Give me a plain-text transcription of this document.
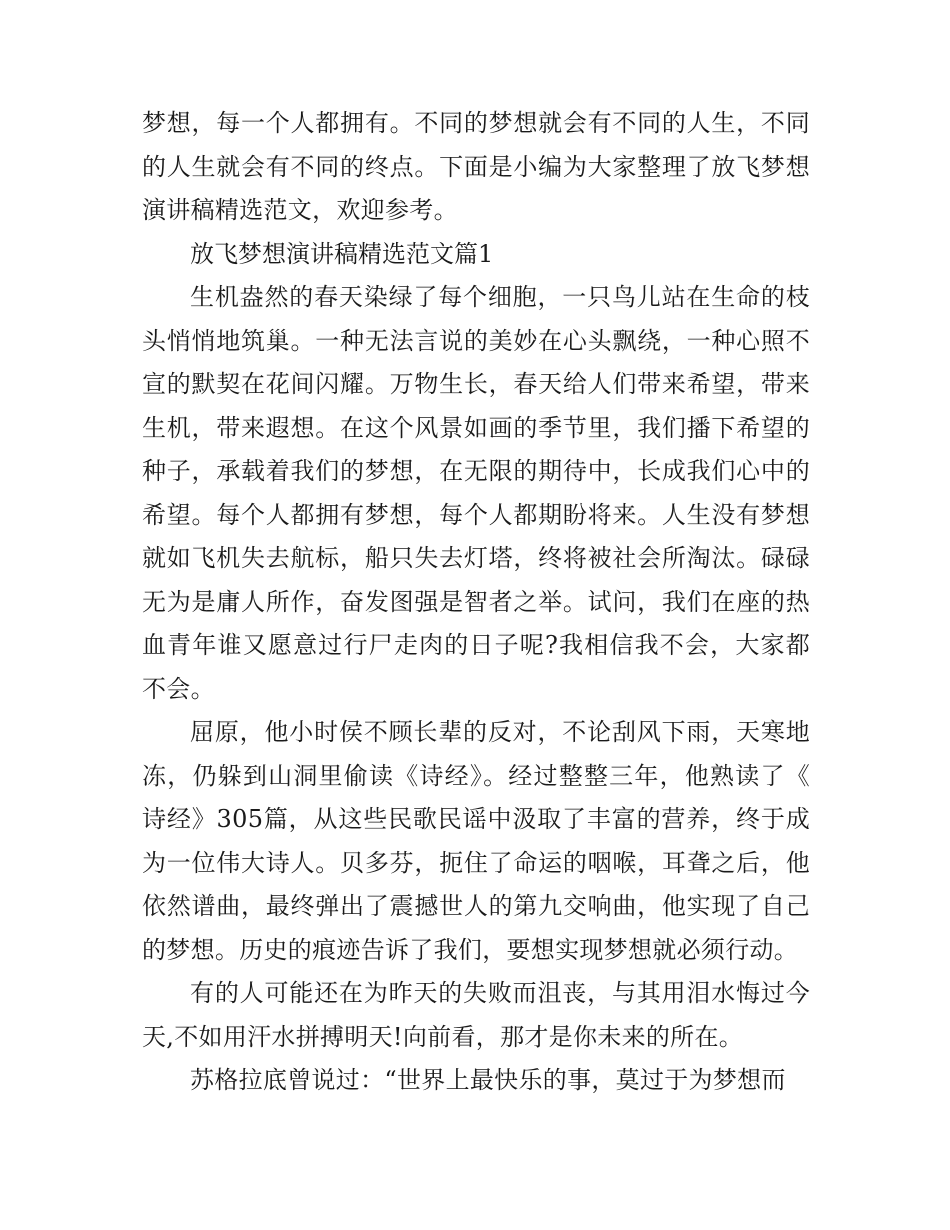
梦想，每一个人都拥有。不同的梦想就会有不同的人生，不同的人生就会有不同的终点。下面是小编为大家整理了放飞梦想演讲稿精选范文，欢迎参考。

放飞梦想演讲稿精选范文篇1

生机盎然的春天染绿了每个细胞，一只鸟儿站在生命的枝头悄悄地筑巢。一种无法言说的美妙在心头飘绕，一种心照不宣的默契在花间闪耀。万物生长，春天给人们带来希望，带来生机，带来遐想。在这个风景如画的季节里，我们播下希望的种子，承载着我们的梦想，在无限的期待中，长成我们心中的希望。每个人都拥有梦想，每个人都期盼将来。人生没有梦想就如飞机失去航标，船只失去灯塔，终将被社会所淘汰。碌碌无为是庸人所作，奋发图强是智者之举。试问，我们在座的热血青年谁又愿意过行尸走肉的日子呢?我相信我不会，大家都不会。

屈原，他小时侯不顾长辈的反对，不论刮风下雨，天寒地冻，仍躲到山洞里偷读《诗经》。经过整整三年，他熟读了《诗经》305篇，从这些民歌民谣中汲取了丰富的营养，终于成为一位伟大诗人。贝多芬，扼住了命运的咽喉，耳聋之后，他依然谱曲，最终弹出了震撼世人的第九交响曲，他实现了自己的梦想。历史的痕迹告诉了我们，要想实现梦想就必须行动。

有的人可能还在为昨天的失败而沮丧，与其用泪水悔过今天,不如用汗水拼搏明天!向前看，那才是你未来的所在。

苏格拉底曾说过：“世界上最快乐的事，莫过于为梦想而
